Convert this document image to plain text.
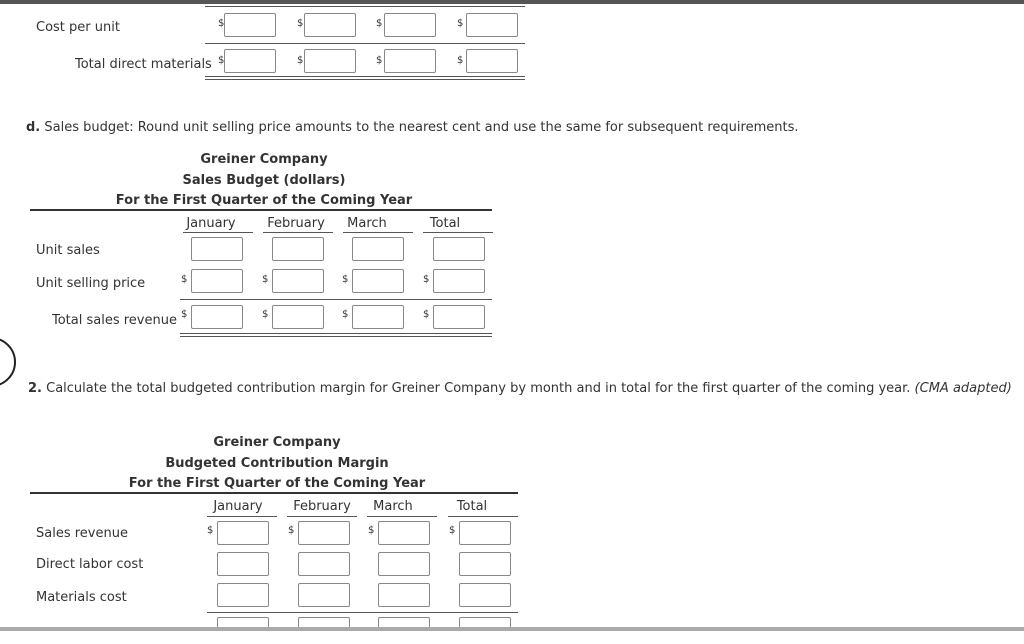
Cost per unit	$	$	$	$
Total direct materials $	$	$	$
d. Sales budget: Round unit selling price amounts to the nearest cent and use the same for subsequent requirements.
Greiner Company
Sales Budget (dollars)
For the First Quarter of the Coming Year
January	February	March	Total
Unit sales
Unit selling price	$	$	$	$
Total sales revenue $	$	$	$
2. Calculate the total budgeted contribution margin for Greiner Company by month and in total for the first quarter of the coming year. (CMA adapted)
Greiner Company
Budgeted Contribution Margin
For the First Quarter of the Coming Year
January	February	March	Total
Sales revenue	$	$	$	$
Direct labor cost
Materials cost
